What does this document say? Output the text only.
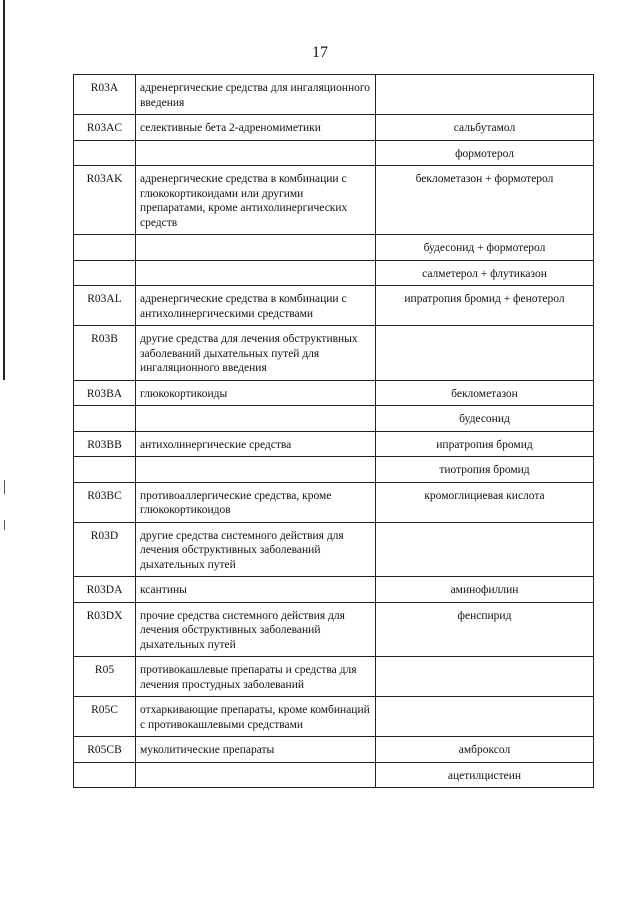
17
R03A	адренергические средства для ингаляционного введения	
R03AC	селективные бета 2-адреномиметики	сальбутамол
		формотерол
R03AK	адренергические средства в комбинации с глюкокортикоидами или другими препаратами, кроме антихолинергических средств	беклометазон + формотерол
		будесонид + формотерол
		салметерол + флутиказон
R03AL	адренергические средства в комбинации с антихолинергическими средствами	ипратропия бромид + фенотерол
R03B	другие средства для лечения обструктивных заболеваний дыхательных путей для ингаляционного введения	
R03BA	глюкокортикоиды	беклометазон
		будесонид
R03BB	антихолинергические средства	ипратропия бромид
		тиотропия бромид
R03BC	противоаллергические средства, кроме глюкокортикоидов	кромоглициевая кислота
R03D	другие средства системного действия для лечения обструктивных заболеваний дыхательных путей	
R03DA	ксантины	аминофиллин
R03DX	прочие средства системного действия для лечения обструктивных заболеваний дыхательных путей	фенспирид
R05	противокашлевые препараты и средства для лечения простудных заболеваний	
R05C	отхаркивающие препараты, кроме комбинаций с противокашлевыми средствами	
R05CB	муколитические препараты	амброксол
		ацетилцистеин
